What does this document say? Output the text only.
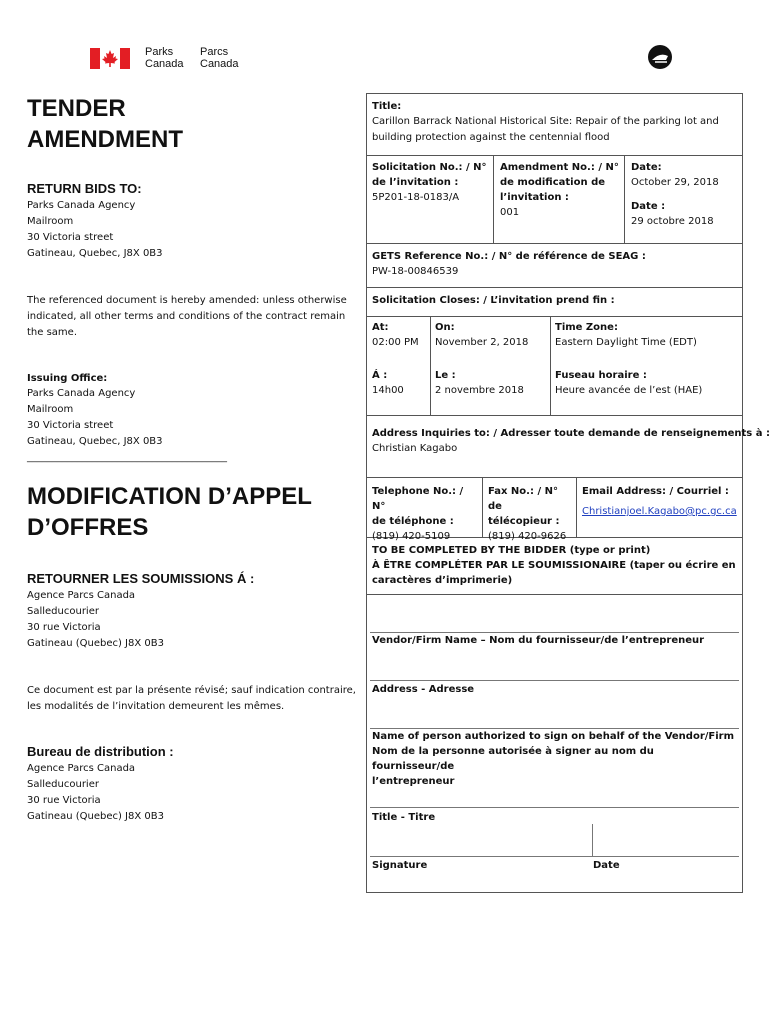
Parks
Canada
Parcs
Canada
TENDER
AMENDMENT
RETURN BIDS TO:
Parks Canada Agency
Mailroom
30 Victoria street
Gatineau, Quebec, J8X 0B3
The referenced document is hereby amended: unless otherwise
indicated, all other terms and conditions of the contract remain
the same.
Issuing Office:
Parks Canada Agency
Mailroom
30 Victoria street
Gatineau, Quebec, J8X 0B3
________________________________________
MODIFICATION D’APPEL
D’OFFRES
RETOURNER LES SOUMISSIONS Á :
Agence Parcs Canada
Salleducourier
30 rue Victoria
Gatineau (Quebec) J8X 0B3
Ce document est par la présente révisé; sauf indication contraire,
les modalités de l’invitation demeurent les mêmes.
Bureau de distribution :
Agence Parcs Canada
Salleducourier
30 rue Victoria
Gatineau (Quebec) J8X 0B3
Title:
Carillon Barrack National Historical Site: Repair of the parking lot and
building protection against the centennial flood
Solicitation No.: / N°
de l’invitation :
5P201-18-0183/A
Amendment No.: / N°
de modification de
l’invitation :
001
Date:
October 29, 2018
Date :
29 octobre 2018
GETS Reference No.: / N° de référence de SEAG :
PW-18-00846539
Solicitation Closes: / L’invitation prend fin :
At:
02:00 PM
On:
November 2, 2018
Time Zone:
Eastern Daylight Time (EDT)
Á :
14h00
Le :
2 novembre 2018
Fuseau horaire :
Heure avancée de l’est (HAE)
Address Inquiries to: / Adresser toute demande de renseignements à :
Christian Kagabo
Telephone No.: / N°
de téléphone :
(819) 420-5109
Fax No.: / N° de
télécopieur :
(819) 420-9626
Email Address: / Courriel :
Christianjoel.Kagabo@pc.gc.ca
TO BE COMPLETED BY THE BIDDER (type or print)
À ÊTRE COMPLÉTER PAR LE SOUMISSIONAIRE (taper ou écrire en
caractères d’imprimerie)
Vendor/Firm Name – Nom du fournisseur/de l’entrepreneur
Address - Adresse
Name of person authorized to sign on behalf of the Vendor/Firm
Nom de la personne autorisée à signer au nom du fournisseur/de
l’entrepreneur
Title - Titre
Signature	Date
